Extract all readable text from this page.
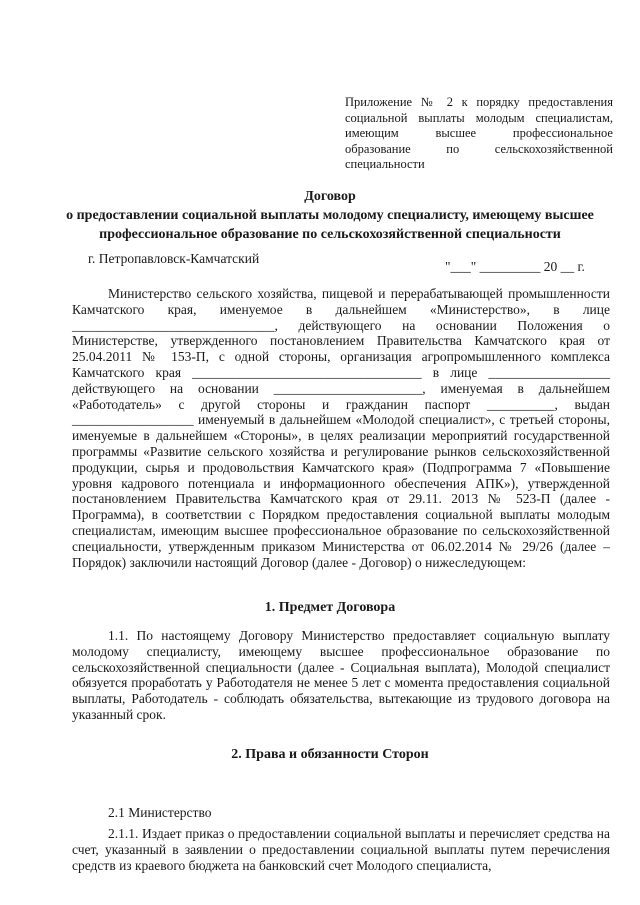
Приложение № 2 к порядку предоставления социальной выплаты молодым специалистам, имеющим высшее профессиональное образование по сельскохозяйственной специальности
Договор
о предоставлении социальной выплаты молодому специалисту, имеющему высшее
профессиональное образование по сельскохозяйственной специальности
г. Петропавловск-Камчатский
"___" _________ 20 __ г.
Министерство сельского хозяйства, пищевой и перерабатывающей промышленности Камчатского края, именуемое в дальнейшем «Министерство», в лице ______________________________, действующего на основании Положения о Министерстве, утвержденного постановлением Правительства Камчатского края от 25.04.2011 № 153-П, с одной стороны, организация агропромышленного комплекса Камчатского края __________________________________ в лице __________________ действующего на основании ______________________, именуемая в дальнейшем «Работодатель» с другой стороны и гражданин паспорт __________, выдан __________________ именуемый в дальнейшем «Молодой специалист», с третьей стороны, именуемые в дальнейшем «Стороны», в целях реализации мероприятий государственной программы «Развитие сельского хозяйства и регулирование рынков сельскохозяйственной продукции, сырья и продовольствия Камчатского края» (Подпрограмма 7 «Повышение уровня кадрового потенциала и информационного обеспечения АПК»), утвержденной постановлением Правительства Камчатского края от 29.11. 2013 № 523-П (далее - Программа), в соответствии с Порядком предоставления социальной выплаты молодым специалистам, имеющим высшее профессиональное образование по сельскохозяйственной специальности, утвержденным приказом Министерства от 06.02.2014 № 29/26 (далее – Порядок) заключили настоящий Договор (далее - Договор) о нижеследующем:
1. Предмет Договора
1.1. По настоящему Договору Министерство предоставляет социальную выплату молодому специалисту, имеющему высшее профессиональное образование по сельскохозяйственной специальности (далее - Социальная выплата), Молодой специалист обязуется проработать у Работодателя не менее 5 лет с момента предоставления социальной выплаты, Работодатель - соблюдать обязательства, вытекающие из трудового договора на указанный срок.
2. Права и обязанности Сторон
2.1 Министерство
2.1.1. Издает приказ о предоставлении социальной выплаты и перечисляет средства на счет, указанный в заявлении о предоставлении социальной выплаты путем перечисления средств из краевого бюджета на банковский счет Молодого специалиста,
